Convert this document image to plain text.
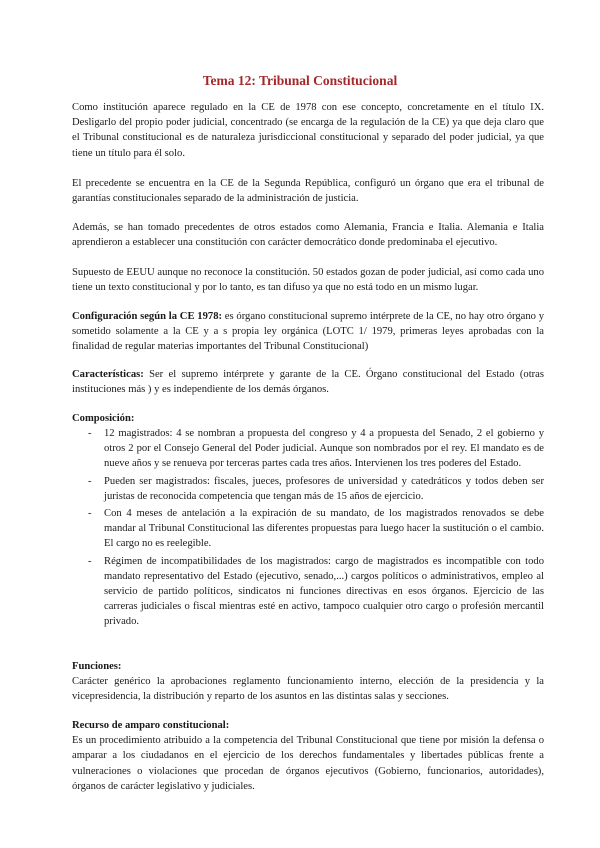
Tema 12: Tribunal Constitucional

Como institución aparece regulado en la CE de 1978 con ese concepto, concretamente en el título IX. Desligarlo del propio poder judicial, concentrado (se encarga de la regulación de la CE) ya que deja claro que el Tribunal constitucional es de naturaleza jurisdiccional constitucional y separado del poder judicial, ya que tiene un título para él solo.

El precedente se encuentra en la CE de la Segunda República, configuró un órgano que era el tribunal de garantías constitucionales separado de la administración de justicia.

Además, se han tomado precedentes de otros estados como Alemania, Francia e Italia. Alemania e Italia aprendieron a establecer una constitución con carácter democrático donde predominaba el ejecutivo.

Supuesto de EEUU aunque no reconoce la constitución. 50 estados gozan de poder judicial, así como cada uno tiene un texto constitucional y por lo tanto, es tan difuso ya que no está todo en un mismo lugar.

Configuración según la CE 1978: es órgano constitucional supremo intérprete de la CE, no hay otro órgano y sometido solamente a la CE y a s propia ley orgánica (LOTC 1/ 1979, primeras leyes aprobadas con la finalidad de regular materias importantes del Tribunal Constitucional)

Características: Ser el supremo intérprete y garante de la CE. Órgano constitucional del Estado (otras instituciones más ) y es independiente de los demás órganos.

Composición:

- 12 magistrados: 4 se nombran a propuesta del congreso y 4 a propuesta del Senado, 2 el gobierno y otros 2 por el Consejo General del Poder judicial. Aunque son nombrados por el rey. El mandato es de nueve años y se renueva por terceras partes cada tres años. Intervienen los tres poderes del Estado.
- Pueden ser magistrados: fiscales, jueces, profesores de universidad y catedráticos y todos deben ser juristas de reconocida competencia que tengan más de 15 años de ejercicio.
- Con 4 meses de antelación a la expiración de su mandato, de los magistrados renovados se debe mandar al Tribunal Constitucional las diferentes propuestas para luego hacer la sustitución o el cambio. El cargo no es reelegible.
- Régimen de incompatibilidades de los magistrados: cargo de magistrados es incompatible con todo mandato representativo del Estado (ejecutivo, senado,...) cargos políticos o administrativos, empleo al servicio de partido políticos, sindicatos ni funciones directivas en esos órganos. Ejercicio de las carreras judiciales o fiscal mientras esté en activo, tampoco cualquier otro cargo o profesión mercantil privado.

Funciones:
Carácter genérico la aprobaciones reglamento funcionamiento interno, elección de la presidencia y la vicepresidencia, la distribución y reparto de los asuntos en las distintas salas y secciones.

Recurso de amparo constitucional:
Es un procedimiento atribuido a la competencia del Tribunal Constitucional que tiene por misión la defensa o amparar a los ciudadanos en el ejercicio de los derechos fundamentales y libertades públicas frente a vulneraciones o violaciones que procedan de órganos ejecutivos (Gobierno, funcionarios, autoridades), órganos de carácter legislativo y judiciales.
